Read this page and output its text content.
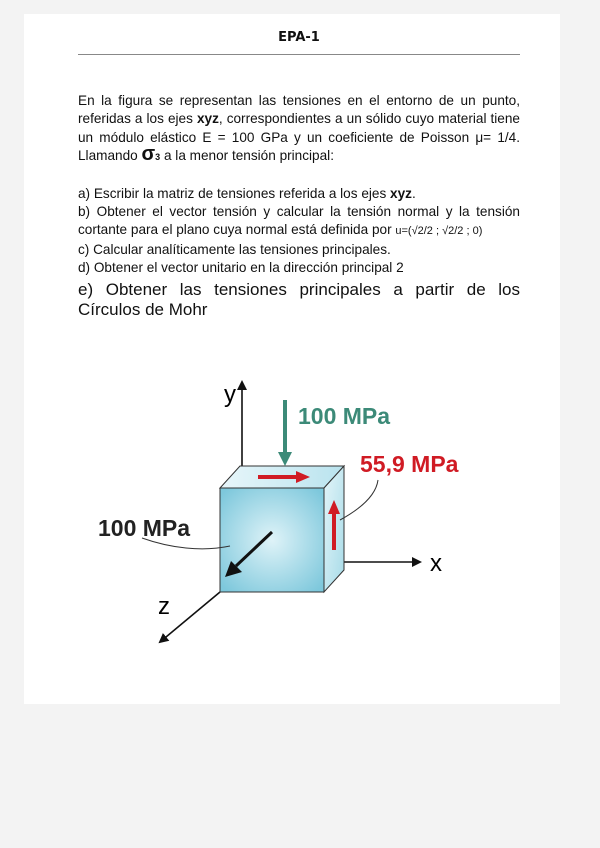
EPA-1

En la figura se representan las tensiones en el entorno de un punto, referidas a los ejes xyz, correspondientes a un sólido cuyo material tiene un módulo elástico E = 100 GPa y un coeficiente de Poisson μ= 1/4. Llamando σ3 a la menor tensión principal:

a) Escribir la matriz de tensiones referida a los ejes xyz.

b) Obtener el vector tensión y calcular la tensión normal y la tensión cortante para el plano cuya normal está definida por u=(√2/2 ; √2/2 ; 0)

c) Calcular analíticamente las tensiones principales.

d) Obtener el vector unitario en la dirección principal 2

e) Obtener las tensiones principales a partir de los Círculos de Mohr

y
x
z
100 MPa
55,9 MPa
100 MPa
